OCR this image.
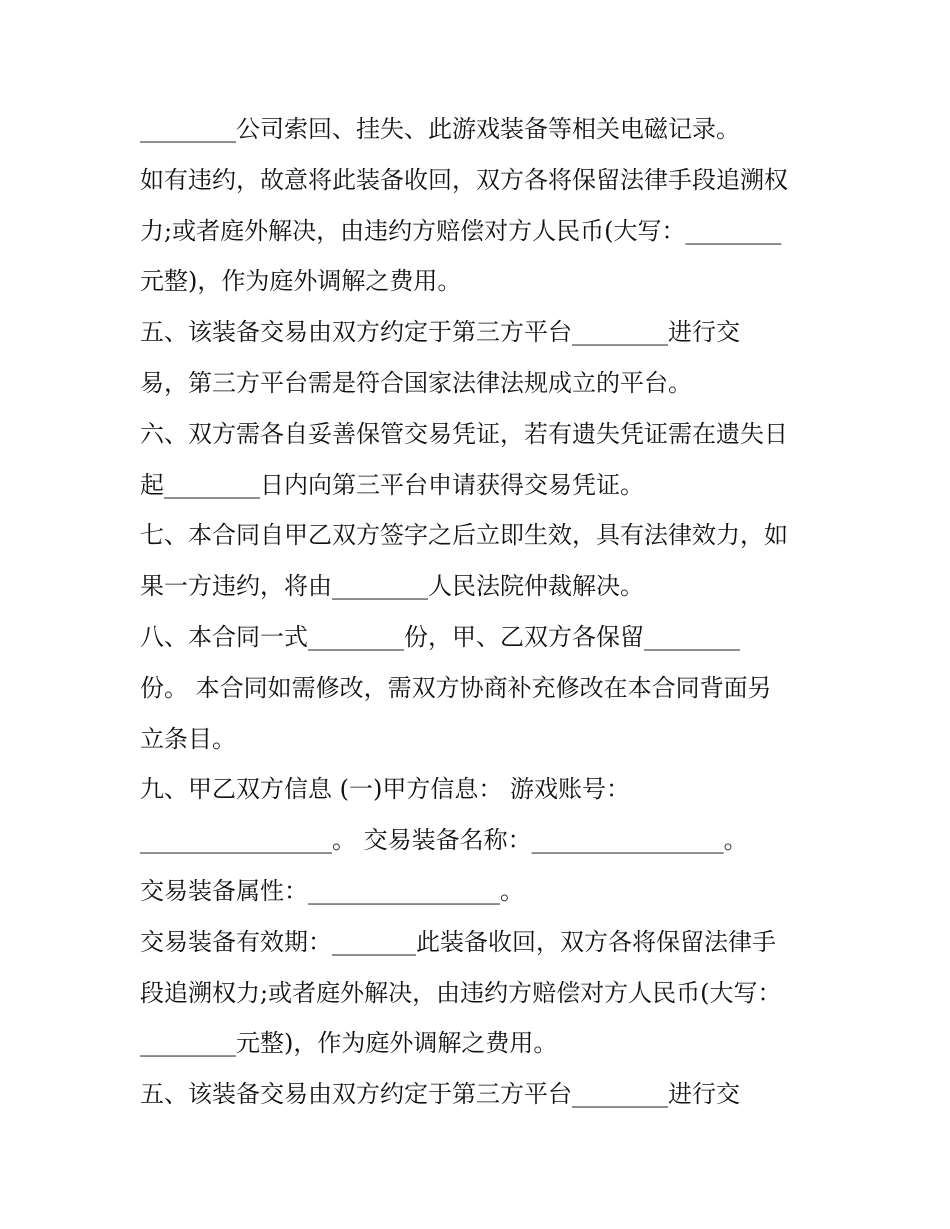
________公司索回、挂失、此游戏装备等相关电磁记录。
如有违约，故意将此装备收回，双方各将保留法律手段追溯权
力;或者庭外解决，由违约方赔偿对方人民币(大写：________
元整)，作为庭外调解之费用。
五、该装备交易由双方约定于第三方平台________进行交
易，第三方平台需是符合国家法律法规成立的平台。
六、双方需各自妥善保管交易凭证，若有遗失凭证需在遗失日
起________日内向第三平台申请获得交易凭证。
七、本合同自甲乙双方签字之后立即生效，具有法律效力，如
果一方违约，将由________人民法院仲裁解决。
八、本合同一式________份，甲、乙双方各保留________
份。 本合同如需修改，需双方协商补充修改在本合同背面另
立条目。
九、甲乙双方信息 (一)甲方信息： 游戏账号：
________________。 交易装备名称：________________。
交易装备属性：________________。
交易装备有效期：_______此装备收回，双方各将保留法律手
段追溯权力;或者庭外解决，由违约方赔偿对方人民币(大写：
________元整)，作为庭外调解之费用。
五、该装备交易由双方约定于第三方平台________进行交
